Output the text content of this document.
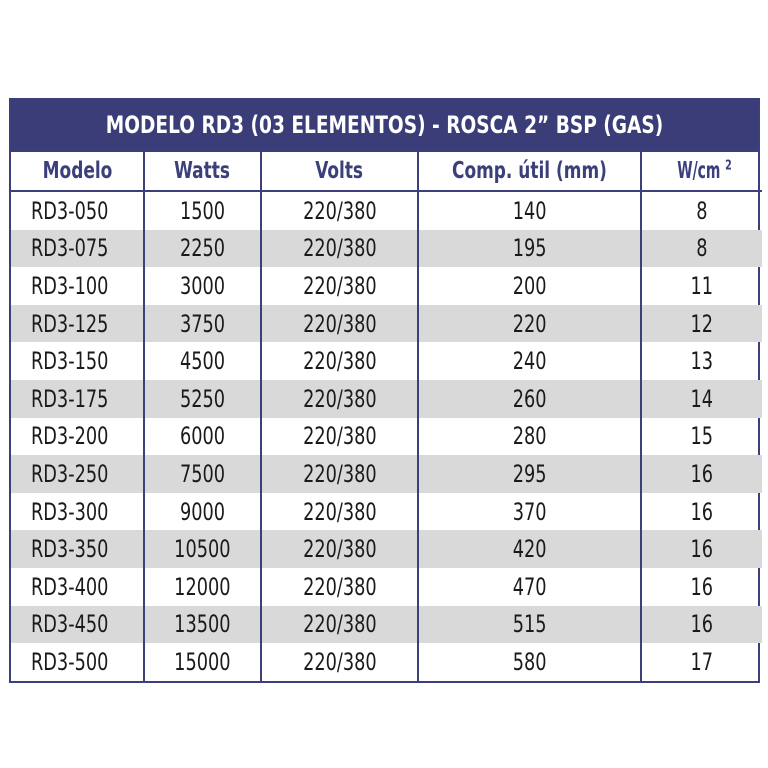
MODELO RD3 (03 ELEMENTOS) - ROSCA 2” BSP (GAS)
Modelo	Watts	Volts	Comp. útil (mm)	W/cm $^2$
RD3-050	1500	220/380	140	8
RD3-075	2250	220/380	195	8
RD3-100	3000	220/380	200	11
RD3-125	3750	220/380	220	12
RD3-150	4500	220/380	240	13
RD3-175	5250	220/380	260	14
RD3-200	6000	220/380	280	15
RD3-250	7500	220/380	295	16
RD3-300	9000	220/380	370	16
RD3-350	10500	220/380	420	16
RD3-400	12000	220/380	470	16
RD3-450	13500	220/380	515	16
RD3-500	15000	220/380	580	17
